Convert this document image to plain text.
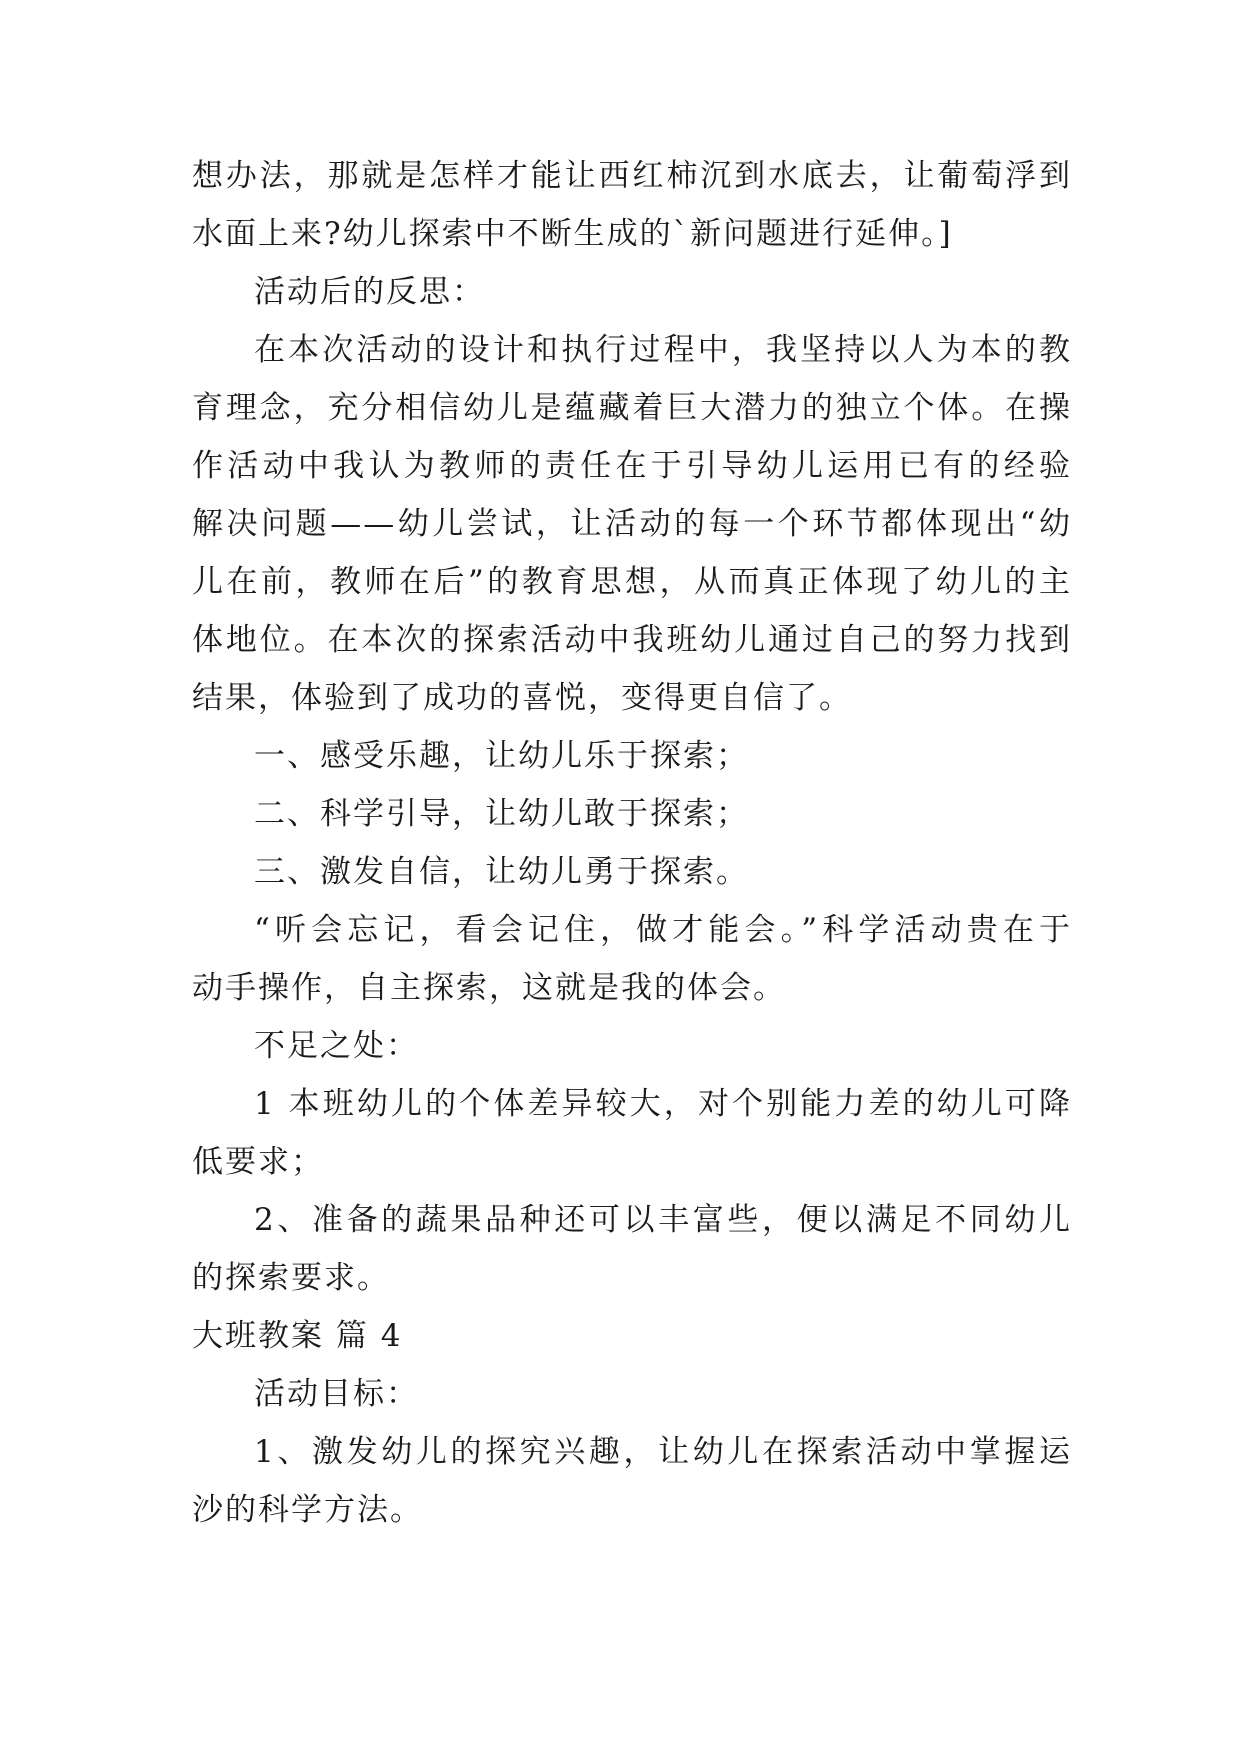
想办法，那就是怎样才能让西红柿沉到水底去，让葡萄浮到
水面上来?幼儿探索中不断生成的`新问题进行延伸。]
活动后的反思：
在本次活动的设计和执行过程中，我坚持以人为本的教
育理念，充分相信幼儿是蕴藏着巨大潜力的独立个体。在操
作活动中我认为教师的责任在于引导幼儿运用已有的经验
解决问题——幼儿尝试，让活动的每一个环节都体现出“幼
儿在前，教师在后”的教育思想，从而真正体现了幼儿的主
体地位。在本次的探索活动中我班幼儿通过自己的努力找到
结果，体验到了成功的喜悦，变得更自信了。
一、感受乐趣，让幼儿乐于探索；
二、科学引导，让幼儿敢于探索；
三、激发自信，让幼儿勇于探索。
“听会忘记，看会记住，做才能会。”科学活动贵在于
动手操作，自主探索，这就是我的体会。
不足之处：
1 本班幼儿的个体差异较大，对个别能力差的幼儿可降
低要求；
2、准备的蔬果品种还可以丰富些，便以满足不同幼儿
的探索要求。
大班教案 篇 4
活动目标：
1、激发幼儿的探究兴趣，让幼儿在探索活动中掌握运
沙的科学方法。
